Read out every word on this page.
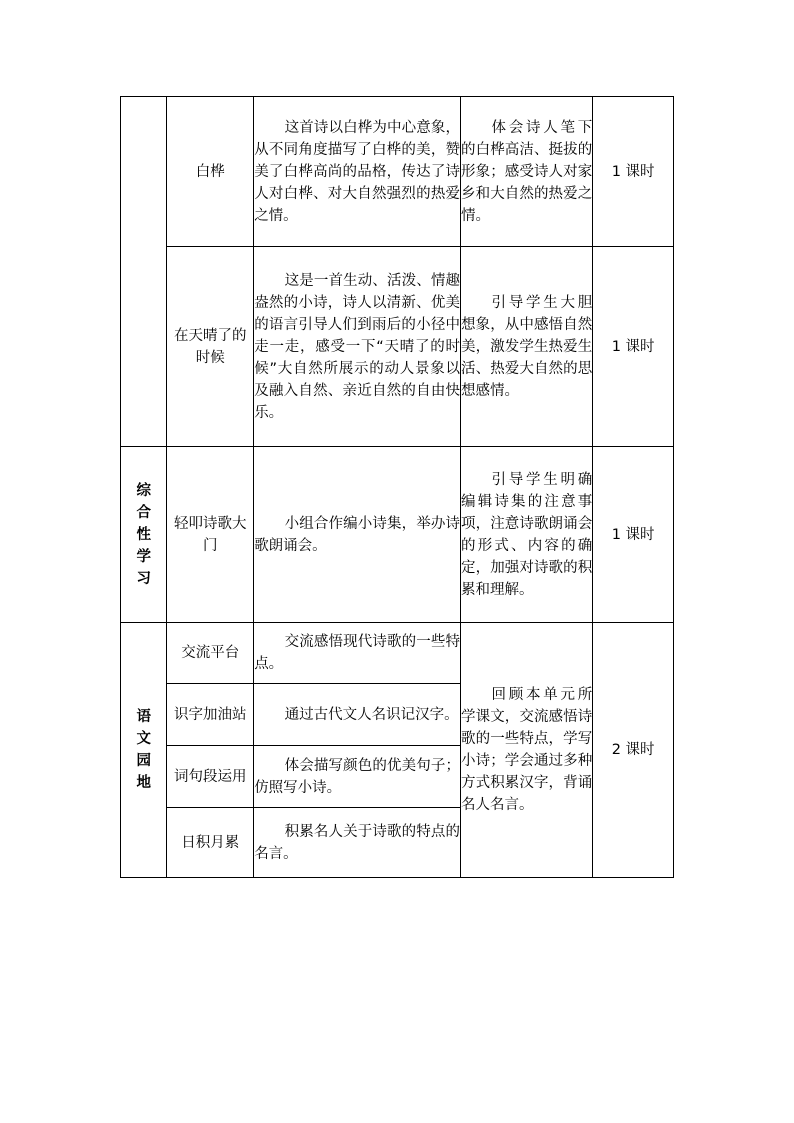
	白桦	这首诗以白桦为中心意象，从不同角度描写了白桦的美，赞美了白桦高尚的品格，传达了诗人对白桦、对大自然强烈的热爱之情。	体会诗人笔下的白桦高洁、挺拔的形象；感受诗人对家乡和大自然的热爱之情。	1 课时
	在天晴了的时候	这是一首生动、活泼、情趣盎然的小诗，诗人以清新、优美的语言引导人们到雨后的小径中走一走，感受一下“天晴了的时候”大自然所展示的动人景象以及融入自然、亲近自然的自由快乐。	引导学生大胆想象，从中感悟自然美，激发学生热爱生活、热爱大自然的思想感情。	1 课时
综合性学习	轻叩诗歌大门	小组合作编小诗集，举办诗歌朗诵会。	引导学生明确编辑诗集的注意事项，注意诗歌朗诵会的形式、内容的确定，加强对诗歌的积累和理解。	1 课时
语文园地	交流平台	交流感悟现代诗歌的一些特点。	回顾本单元所学课文，交流感悟诗歌的一些特点，学写小诗；学会通过多种方式积累汉字，背诵名人名言。	2 课时
	识字加油站	通过古代文人名识记汉字。		
	词句段运用	体会描写颜色的优美句子；仿照写小诗。		
	日积月累	积累名人关于诗歌的特点的名言。		
